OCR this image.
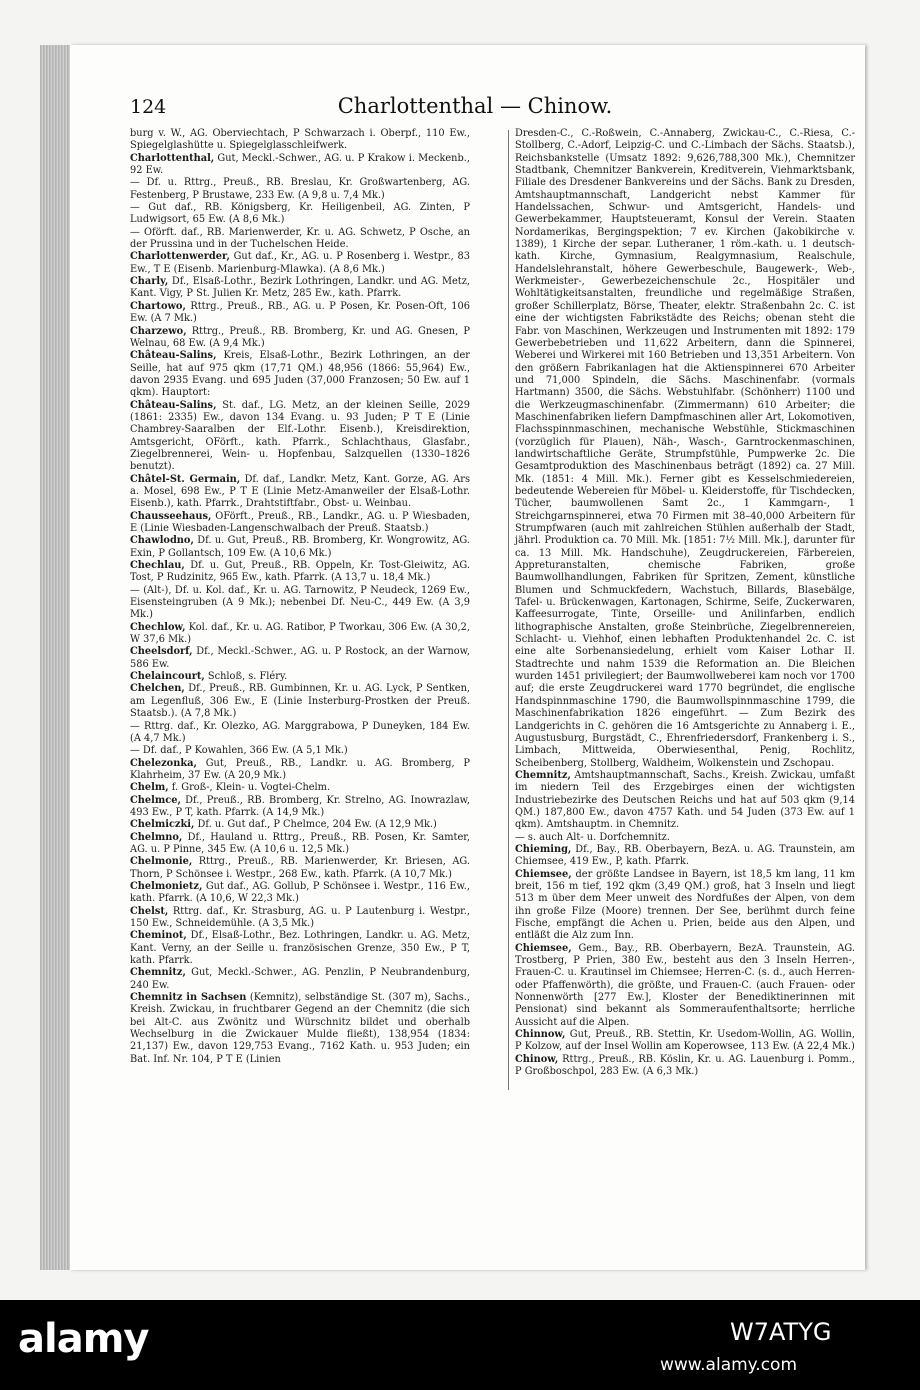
124	Charlottenthal — Chinow.

burg v. W., AG. Oberviechtach, P Schwarzach i. Oberpf., 110 Ew., Spiegelglashütte u. Spiegelglasschleifwerk.

Charlottenthal, Gut, Meckl.-Schwer., AG. u. P Krakow i. Meckenb., 92 Ew.

— Df. u. Rttrg., Preuß., RB. Breslau, Kr. Großwartenberg, AG. Festenberg, P Brustawe, 233 Ew. (A 9,8 u. 7,4 Mk.)

— Gut daf., RB. Königsberg, Kr. Heiligenbeil, AG. Zinten, P Ludwigsort, 65 Ew. (A 8,6 Mk.)

— Oförft. daf., RB. Marienwerder, Kr. u. AG. Schwetz, P Osche, an der Prussina und in der Tuchelschen Heide.

Charlottenwerder, Gut daf., Kr., AG. u. P Rosenberg i. Westpr., 83 Ew., T E (Eisenb. Marienburg-Mlawka). (A 8,6 Mk.)

Charly, Df., Elsaß-Lothr., Bezirk Lothringen, Landkr. und AG. Metz, Kant. Vigy, P St. Julien Kr. Metz, 285 Ew., kath. Pfarrk.

Chartowo, Rttrg., Preuß., RB., AG. u. P Posen, Kr. Posen-Oft, 106 Ew. (A 7 Mk.)

Charzewo, Rttrg., Preuß., RB. Bromberg, Kr. und AG. Gnesen, P Welnau, 68 Ew. (A 9,4 Mk.)

Château-Salins, Kreis, Elsaß-Lothr., Bezirk Lothringen, an der Seille, hat auf 975 qkm (17,71 QM.) 48,956 (1866: 55,964) Ew., davon 2935 Evang. und 695 Juden (37,000 Franzosen; 50 Ew. auf 1 qkm). Hauptort:

Château-Salins, St. daf., LG. Metz, an der kleinen Seille, 2029 (1861: 2335) Ew., davon 134 Evang. u. 93 Juden; P T E (Linie Chambrey-Saaralben der Elf.-Lothr. Eisenb.), Kreisdirektion, Amtsgericht, OFörft., kath. Pfarrk., Schlachthaus, Glasfabr., Ziegelbrennerei, Wein- u. Hopfenbau, Salzquellen (1330–1826 benutzt).

Châtel-St. Germain, Df. daf., Landkr. Metz, Kant. Gorze, AG. Ars a. Mosel, 698 Ew., P T E (Linie Metz-Amanweiler der Elsaß-Lothr. Eisenb.), kath. Pfarrk., Drahtstiftfabr., Obst- u. Weinbau.

Chausseehaus, OFörft., Preuß., RB., Landkr., AG. u. P Wiesbaden, E (Linie Wiesbaden-Langenschwalbach der Preuß. Staatsb.)

Chawlodno, Df. u. Gut, Preuß., RB. Bromberg, Kr. Wongrowitz, AG. Exin, P Gollantsch, 109 Ew. (A 10,6 Mk.)

Chechlau, Df. u. Gut, Preuß., RB. Oppeln, Kr. Tost-Gleiwitz, AG. Tost, P Rudzinitz, 965 Ew., kath. Pfarrk. (A 13,7 u. 18,4 Mk.)

— (Alt-), Df. u. Kol. daf., Kr. u. AG. Tarnowitz, P Neudeck, 1269 Ew., Eisensteingruben (A 9 Mk.); nebenbei Df. Neu-C., 449 Ew. (A 3,9 Mk.)

Chechlow, Kol. daf., Kr. u. AG. Ratibor, P Tworkau, 306 Ew. (A 30,2, W 37,6 Mk.)

Cheelsdorf, Df., Meckl.-Schwer., AG. u. P Rostock, an der Warnow, 586 Ew.

Chelaincourt, Schloß, s. Fléry.

Chelchen, Df., Preuß., RB. Gumbinnen, Kr. u. AG. Lyck, P Sentken, am Legenfluß, 306 Ew., E (Linie Insterburg-Prostken der Preuß. Staatsb.). (A 7,8 Mk.)

— Rttrg. daf., Kr. Olezko, AG. Marggrabowa, P Duneyken, 184 Ew. (A 4,7 Mk.)

— Df. daf., P Kowahlen, 366 Ew. (A 5,1 Mk.)

Chelezonka, Gut, Preuß., RB., Landkr. u. AG. Bromberg, P Klahrheim, 37 Ew. (A 20,9 Mk.)

Chelm, f. Groß-, Klein- u. Vogtei-Chelm.

Chelmce, Df., Preuß., RB. Bromberg, Kr. Strelno, AG. Inowrazlaw, 493 Ew., P T, kath. Pfarrk. (A 14,9 Mk.)

Chelmiczki, Df. u. Gut daf., P Chelmce, 204 Ew. (A 12,9 Mk.)

Chelmno, Df., Hauland u. Rttrg., Preuß., RB. Posen, Kr. Samter, AG. u. P Pinne, 345 Ew. (A 10,6 u. 12,5 Mk.)

Chelmonie, Rttrg., Preuß., RB. Marienwerder, Kr. Briesen, AG. Thorn, P Schönsee i. Westpr., 268 Ew., kath. Pfarrk. (A 10,7 Mk.)

Chelmonietz, Gut daf., AG. Gollub, P Schönsee i. Westpr., 116 Ew., kath. Pfarrk. (A 10,6, W 22,3 Mk.)

Chelst, Rttrg. daf., Kr. Strasburg, AG. u. P Lautenburg i. Westpr., 150 Ew., Schneidemühle. (A 3,5 Mk.)

Cheminot, Df., Elsaß-Lothr., Bez. Lothringen, Landkr. u. AG. Metz, Kant. Verny, an der Seille u. französischen Grenze, 350 Ew., P T, kath. Pfarrk.

Chemnitz, Gut, Meckl.-Schwer., AG. Penzlin, P Neubrandenburg, 240 Ew.

Chemnitz in Sachsen (Kemnitz), selbständige St. (307 m), Sachs., Kreish. Zwickau, in fruchtbarer Gegend an der Chemnitz (die sich bei Alt-C. aus Zwönitz und Würschnitz bildet und oberhalb Wechselburg in die Zwickauer Mulde fließt), 138,954 (1834: 21,137) Ew., davon 129,753 Evang., 7162 Kath. u. 953 Juden; ein Bat. Inf. Nr. 104, P T E (Linien

Dresden-C., C.-Roßwein, C.-Annaberg, Zwickau-C., C.-Riesa, C.-Stollberg, C.-Adorf, Leipzig-C. und C.-Limbach der Sächs. Staatsb.), Reichsbankstelle (Umsatz 1892: 9,626,788,300 Mk.), Chemnitzer Stadtbank, Chemnitzer Bankverein, Kreditverein, Viehmarktsbank, Filiale des Dresdener Bankvereins und der Sächs. Bank zu Dresden, Amtshauptmannschaft, Landgericht nebst Kammer für Handelssachen, Schwur- und Amtsgericht, Handels- und Gewerbekammer, Hauptsteueramt, Konsul der Verein. Staaten Nordamerikas, Bergingspektion; 7 ev. Kirchen (Jakobikirche v. 1389), 1 Kirche der separ. Lutheraner, 1 röm.-kath. u. 1 deutsch-kath. Kirche, Gymnasium, Realgymnasium, Realschule, Handelslehranstalt, höhere Gewerbeschule, Baugewerk-, Web-, Werkmeister-, Gewerbezeichenschule 2c., Hospitäler und Wohltätigkeitsanstalten, freundliche und regelmäßige Straßen, großer Schillerplatz, Börse, Theater, elektr. Straßenbahn 2c. C. ist eine der wichtigsten Fabrikstädte des Reichs; obenan steht die Fabr. von Maschinen, Werkzeugen und Instrumenten mit 1892: 179 Gewerbebetrieben und 11,622 Arbeitern, dann die Spinnerei, Weberei und Wirkerei mit 160 Betrieben und 13,351 Arbeitern. Von den größern Fabrikanlagen hat die Aktienspinnerei 670 Arbeiter und 71,000 Spindeln, die Sächs. Maschinenfabr. (vormals Hartmann) 3500, die Sächs. Webstuhlfabr. (Schönherr) 1100 und die Werkzeugmaschinenfabr. (Zimmermann) 610 Arbeiter; die Maschinenfabriken liefern Dampfmaschinen aller Art, Lokomotiven, Flachsspinnmaschinen, mechanische Webstühle, Stickmaschinen (vorzüglich für Plauen), Näh-, Wasch-, Garntrockenmaschinen, landwirtschaftliche Geräte, Strumpfstühle, Pumpwerke 2c. Die Gesamtproduktion des Maschinenbaus beträgt (1892) ca. 27 Mill. Mk. (1851: 4 Mill. Mk.). Ferner gibt es Kesselschmiedereien, bedeutende Webereien für Möbel- u. Kleiderstoffe, für Tischdecken, Tücher, baumwollenen Samt 2c., 1 Kammgarn-, 1 Streichgarnspinnerei, etwa 70 Firmen mit 38–40,000 Arbeitern für Strumpfwaren (auch mit zahlreichen Stühlen außerhalb der Stadt, jährl. Produktion ca. 70 Mill. Mk. [1851: 7½ Mill. Mk.], darunter für ca. 13 Mill. Mk. Handschuhe), Zeugdruckereien, Färbereien, Appreturanstalten, chemische Fabriken, große Baumwollhandlungen, Fabriken für Spritzen, Zement, künstliche Blumen und Schmuckfedern, Wachstuch, Billards, Blasebälge, Tafel- u. Brückenwagen, Kartonagen, Schirme, Seife, Zuckerwaren, Kaffeesurrogate, Tinte, Orseille- und Anilinfarben, endlich lithographische Anstalten, große Steinbrüche, Ziegelbrennereien, Schlacht- u. Viehhof, einen lebhaften Produktenhandel 2c. C. ist eine alte Sorbenansiedelung, erhielt vom Kaiser Lothar II. Stadtrechte und nahm 1539 die Reformation an. Die Bleichen wurden 1451 privilegiert; der Baumwollweberei kam noch vor 1700 auf; die erste Zeugdruckerei ward 1770 begründet, die englische Handspinnmaschine 1790, die Baumwollspinnmaschine 1799, die Maschinenfabrikation 1826 eingeführt. — Zum Bezirk des Landgerichts in C. gehören die 16 Amtsgerichte zu Annaberg i. E., Augustusburg, Burgstädt, C., Ehrenfriedersdorf, Frankenberg i. S., Limbach, Mittweida, Oberwiesenthal, Penig, Rochlitz, Scheibenberg, Stollberg, Waldheim, Wolkenstein und Zschopau.

Chemnitz, Amtshauptmannschaft, Sachs., Kreish. Zwickau, umfaßt im niedern Teil des Erzgebirges einen der wichtigsten Industriebezirke des Deutschen Reichs und hat auf 503 qkm (9,14 QM.) 187,800 Ew., davon 4757 Kath. und 54 Juden (373 Ew. auf 1 qkm). Amtshauptm. in Chemnitz.

— s. auch Alt- u. Dorfchemnitz.

Chieming, Df., Bay., RB. Oberbayern, BezA. u. AG. Traunstein, am Chiemsee, 419 Ew., P, kath. Pfarrk.

Chiemsee, der größte Landsee in Bayern, ist 18,5 km lang, 11 km breit, 156 m tief, 192 qkm (3,49 QM.) groß, hat 3 Inseln und liegt 513 m über dem Meer unweit des Nordfußes der Alpen, von dem ihn große Filze (Moore) trennen. Der See, berühmt durch feine Fische, empfängt die Achen u. Prien, beide aus den Alpen, und entläßt die Alz zum Inn.

Chiemsee, Gem., Bay., RB. Oberbayern, BezA. Traunstein, AG. Trostberg, P Prien, 380 Ew., besteht aus den 3 Inseln Herren-, Frauen-C. u. Krautinsel im Chiemsee; Herren-C. (s. d., auch Herren- oder Pfaffenwörth), die größte, und Frauen-C. (auch Frauen- oder Nonnenwörth [277 Ew.], Kloster der Benediktinerinnen mit Pensionat) sind bekannt als Sommeraufenthaltsorte; herrliche Aussicht auf die Alpen.

Chinnow, Gut, Preuß., RB. Stettin, Kr. Usedom-Wollin, AG. Wollin, P Kolzow, auf der Insel Wollin am Koperowsee, 113 Ew. (A 22,4 Mk.)

Chinow, Rttrg., Preuß., RB. Köslin, Kr. u. AG. Lauenburg i. Pomm., P Großboschpol, 283 Ew. (A 6,3 Mk.)

alamy	W7ATYG
www.alamy.com
